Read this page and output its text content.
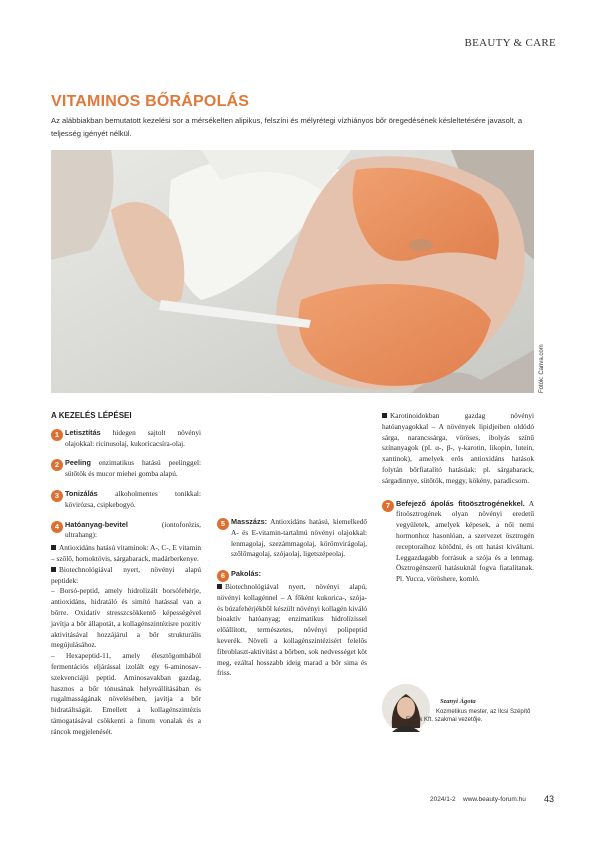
BEAUTY & CARE
VITAMINOS BŐRÁPOLÁS
Az alábbiakban bemutatott kezelési sor a mérsékelten alipikus, felszíni és mélyrétegi vízhiányos bőr öregedésének késleltetésére javasolt, a teljesség igényét nélkül.
Fotók: Canva.com
A KEZELÉS LÉPÉSEI
1 Letisztítás hidegen sajtolt növényi olajokkal: ricinusolaj, kukoricacsíra-olaj.

2 Peeling enzimatikus hatású peelinggel: sütőtök és mucor miehei gomba alapú.

3 Tonizálás alkoholmentes tonikkal: kövirózsa, csipkebogyó.

4 Hatóanyag-bevitel (iontoforézis, ultrahang):

Antioxidáns hatású vitaminok: A-, C-, E vitamin – szőlő, homoktövis, sárgabarack, madárberkenye.

Biotechnológiával nyert, növényi alapú peptidek:

– Borsó-peptid, amely hidrolizált borsófehérje, antioxidáns, hidratáló és simító hatással van a bőrre. Oxidatív stresszcsökkentő képességével javítja a bőr állapotát, a kollagénszintézisre pozitív aktivitásával hozzájárul a bőr strukturális megújulásához.

– Hexapeptid-11, amely élesztőgombából fermentációs eljárással izolált egy 6-aminosav-szekvenciájú peptid. Aminosavakban gazdag, hasznos a bőr tónusának helyreállításában és rugalmasságának növelésében, javítja a bőr hidratáltságát. Emellett a kollagénszintézis támogatásával csökkenti a finom vonalak és a ráncok megjelenését.

5 Masszázs: Antioxidáns hatású, kiemelkedő A- és E-vitamin-tartalmú növényi olajokkal: lenmagolaj, szezámmagolaj, körömvirágolaj, szőlőmagolaj, szójaolaj, ligetszépeolaj.

6 Pakolás:

Biotechnológiával nyert, növényi alapú, növényi kollagénnel – A főként kukorica-, szója- és búzafehérjékből készült növényi kollagén kiváló bioaktív hatóanyag; enzimatikus hidrolízissel előállított, természetes, növényi polipeptid keverék. Növeli a kollagénszintézisért felelős fibroblaszt-aktivitást a bőrben, sok nedvességet köt meg, ezáltal hosszabb ideig marad a bőr sima és friss.

Karotinoidokban gazdag növényi hatóanyagokkal – A növények lipidjeiben oldódó sárga, narancssárga, vöröses, ibolyás színű színanyagok (pl. α-, β-, γ-karotin, likopin, lutein, xantinok), amelyek erős antioxidáns hatások folytán bőrfiatalító hatásúak: pl. sárgabarack, sárgadinnye, sütőtök, meggy, kökény, paradicsom.

7 Befejező ápolás fitoösztrogénekkel. A fitoösztrogének olyan növényi eredetű vegyületek, amelyek képesek, a női nemi hormonhoz hasonlóan, a szervezet ösztrogén receptoraihoz kötődni, és ott hatást kiváltani. Leggazdagabb forrásuk a szója és a lenmag. Ösztrogénszerű hatásuknál fogva fiatalítanak. Pl. Yucca, vöröshere, komló.

Szanyi Ágota
Kozmetikus mester, az Ilcsi Szépítő Füvek Kft. szakmai vezetője.
2024/1-2 www.beauty-forum.hu 43
